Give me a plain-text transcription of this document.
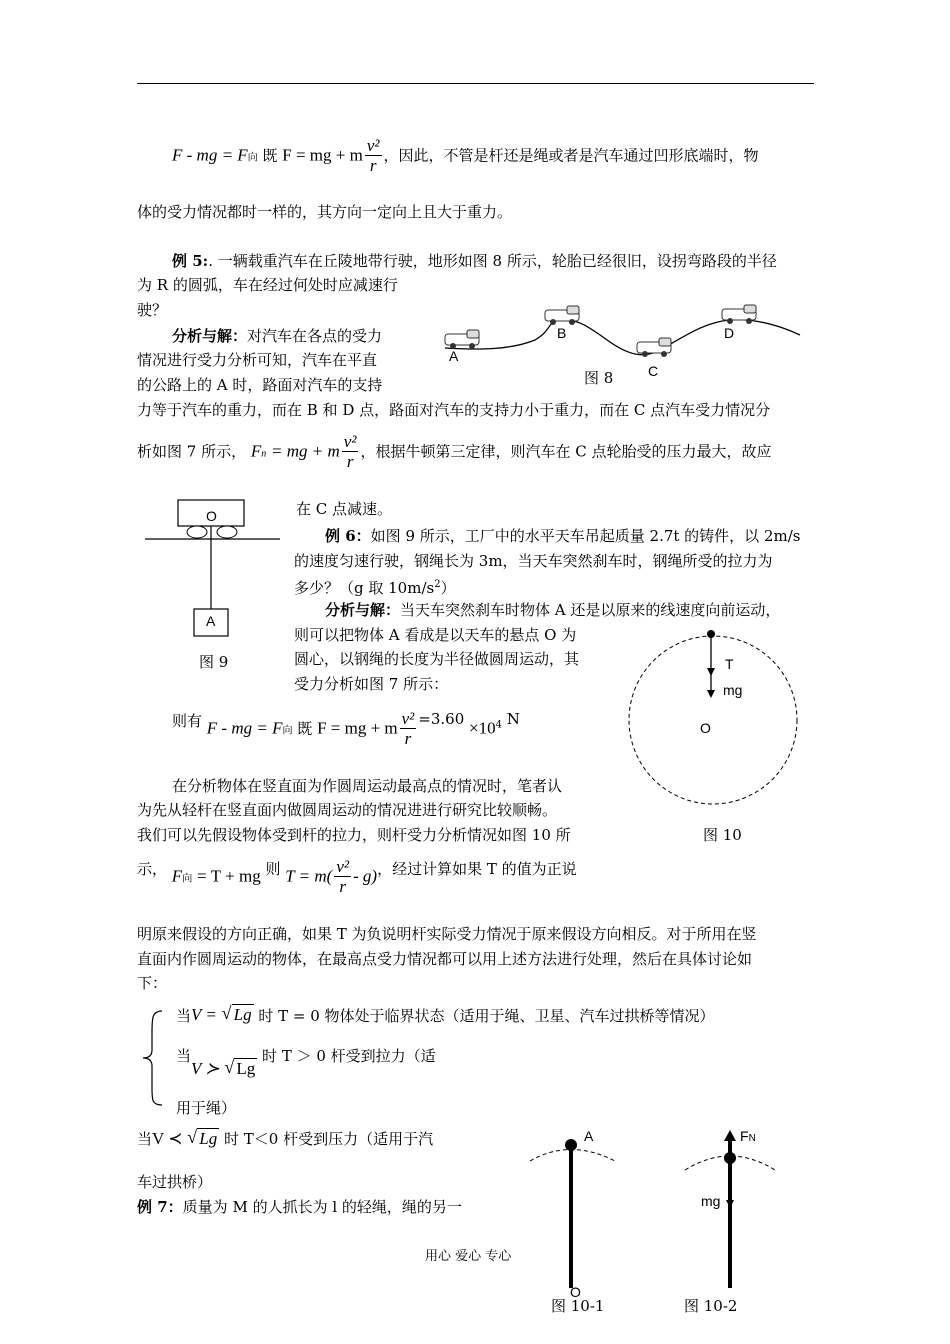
F - mg = F向 既 F = mg + m $\frac{\text{v²}}{r}$ ，因此，不管是杆还是绳或者是汽车通过凹形底端时，物
体的受力情况都时一样的，其方向一定向上且大于重力。
例 5:. 一辆载重汽车在丘陵地带行驶，地形如图 8 所示，轮胎已经很旧，设拐弯路段的半径
为 R 的圆弧，车在经过何处时应减速行
驶？
分析与解：对汽车在各点的受力
情况进行受力分析可知，汽车在平直
的公路上的 A 时，路面对汽车的支持
力等于汽车的重力，而在 B 和 D 点，路面对汽车的支持力小于重力，而在 C 点汽车受力情况分
析如图 7 所示， Fn = mg + m $\frac{\text{v²}}{r}$ ，根据牛顿第三定律，则汽车在 C 点轮胎受的压力最大，故应
在 C 点减速。
A
B
C
D
图 8
O
A
图 9
例 6：如图 9 所示，工厂中的水平天车吊起质量 2.7t 的铸件，以 2m/s
的速度匀速行驶，钢绳长为 3m，当天车突然刹车时，钢绳所受的拉力为
多少？（g 取 $10m/s^2$）
分析与解：当天车突然刹车时物体 A 还是以原来的线速度向前运动，
则可以把物体 A 看成是以天车的悬点 O 为
圆心，以钢绳的长度为半径做圆周运动，其
受力分析如图 7 所示：
则有 F - mg = F向 既 F = mg + m $\frac{\text{v²}}{r} =3.60 \times 10^4$ N
T
mg
O
图 10
在分析物体在竖直面为作圆周运动最高点的情况时，笔者认
为先从轻杆在竖直面内做圆周运动的情况进进行研究比较顺畅。
我们可以先假设物体受到杆的拉力，则杆受力分析情况如图 10 所
示， F向 = T + mg 则 $T = m( \frac{\text{v²}}{r} - g)$，经过计算如果 T 的值为正说
明原来假设的方向正确，如果 T 为负说明杆实际受力情况于原来假设方向相反。对于所用在竖
直面内作圆周运动的物体，在最高点受力情况都可以用上述方法进行处理，然后在具体讨论如
下：
当V = √ Lg 时 T = 0 物体处于临界状态（适用于绳、卫星、汽车过拱桥等情况）
当V ≻ √ Lg 时 T ＞ 0 杆受到拉力（适
用于绳）
当V ≺ √ Lg 时 T＜0 杆受到压力（适用于汽
车过拱桥）
例 7：质量为 M 的人抓长为 l 的轻绳，绳的另一
A
O
图 10-1
FN
mg
图 10-2
用心 爱心 专心
